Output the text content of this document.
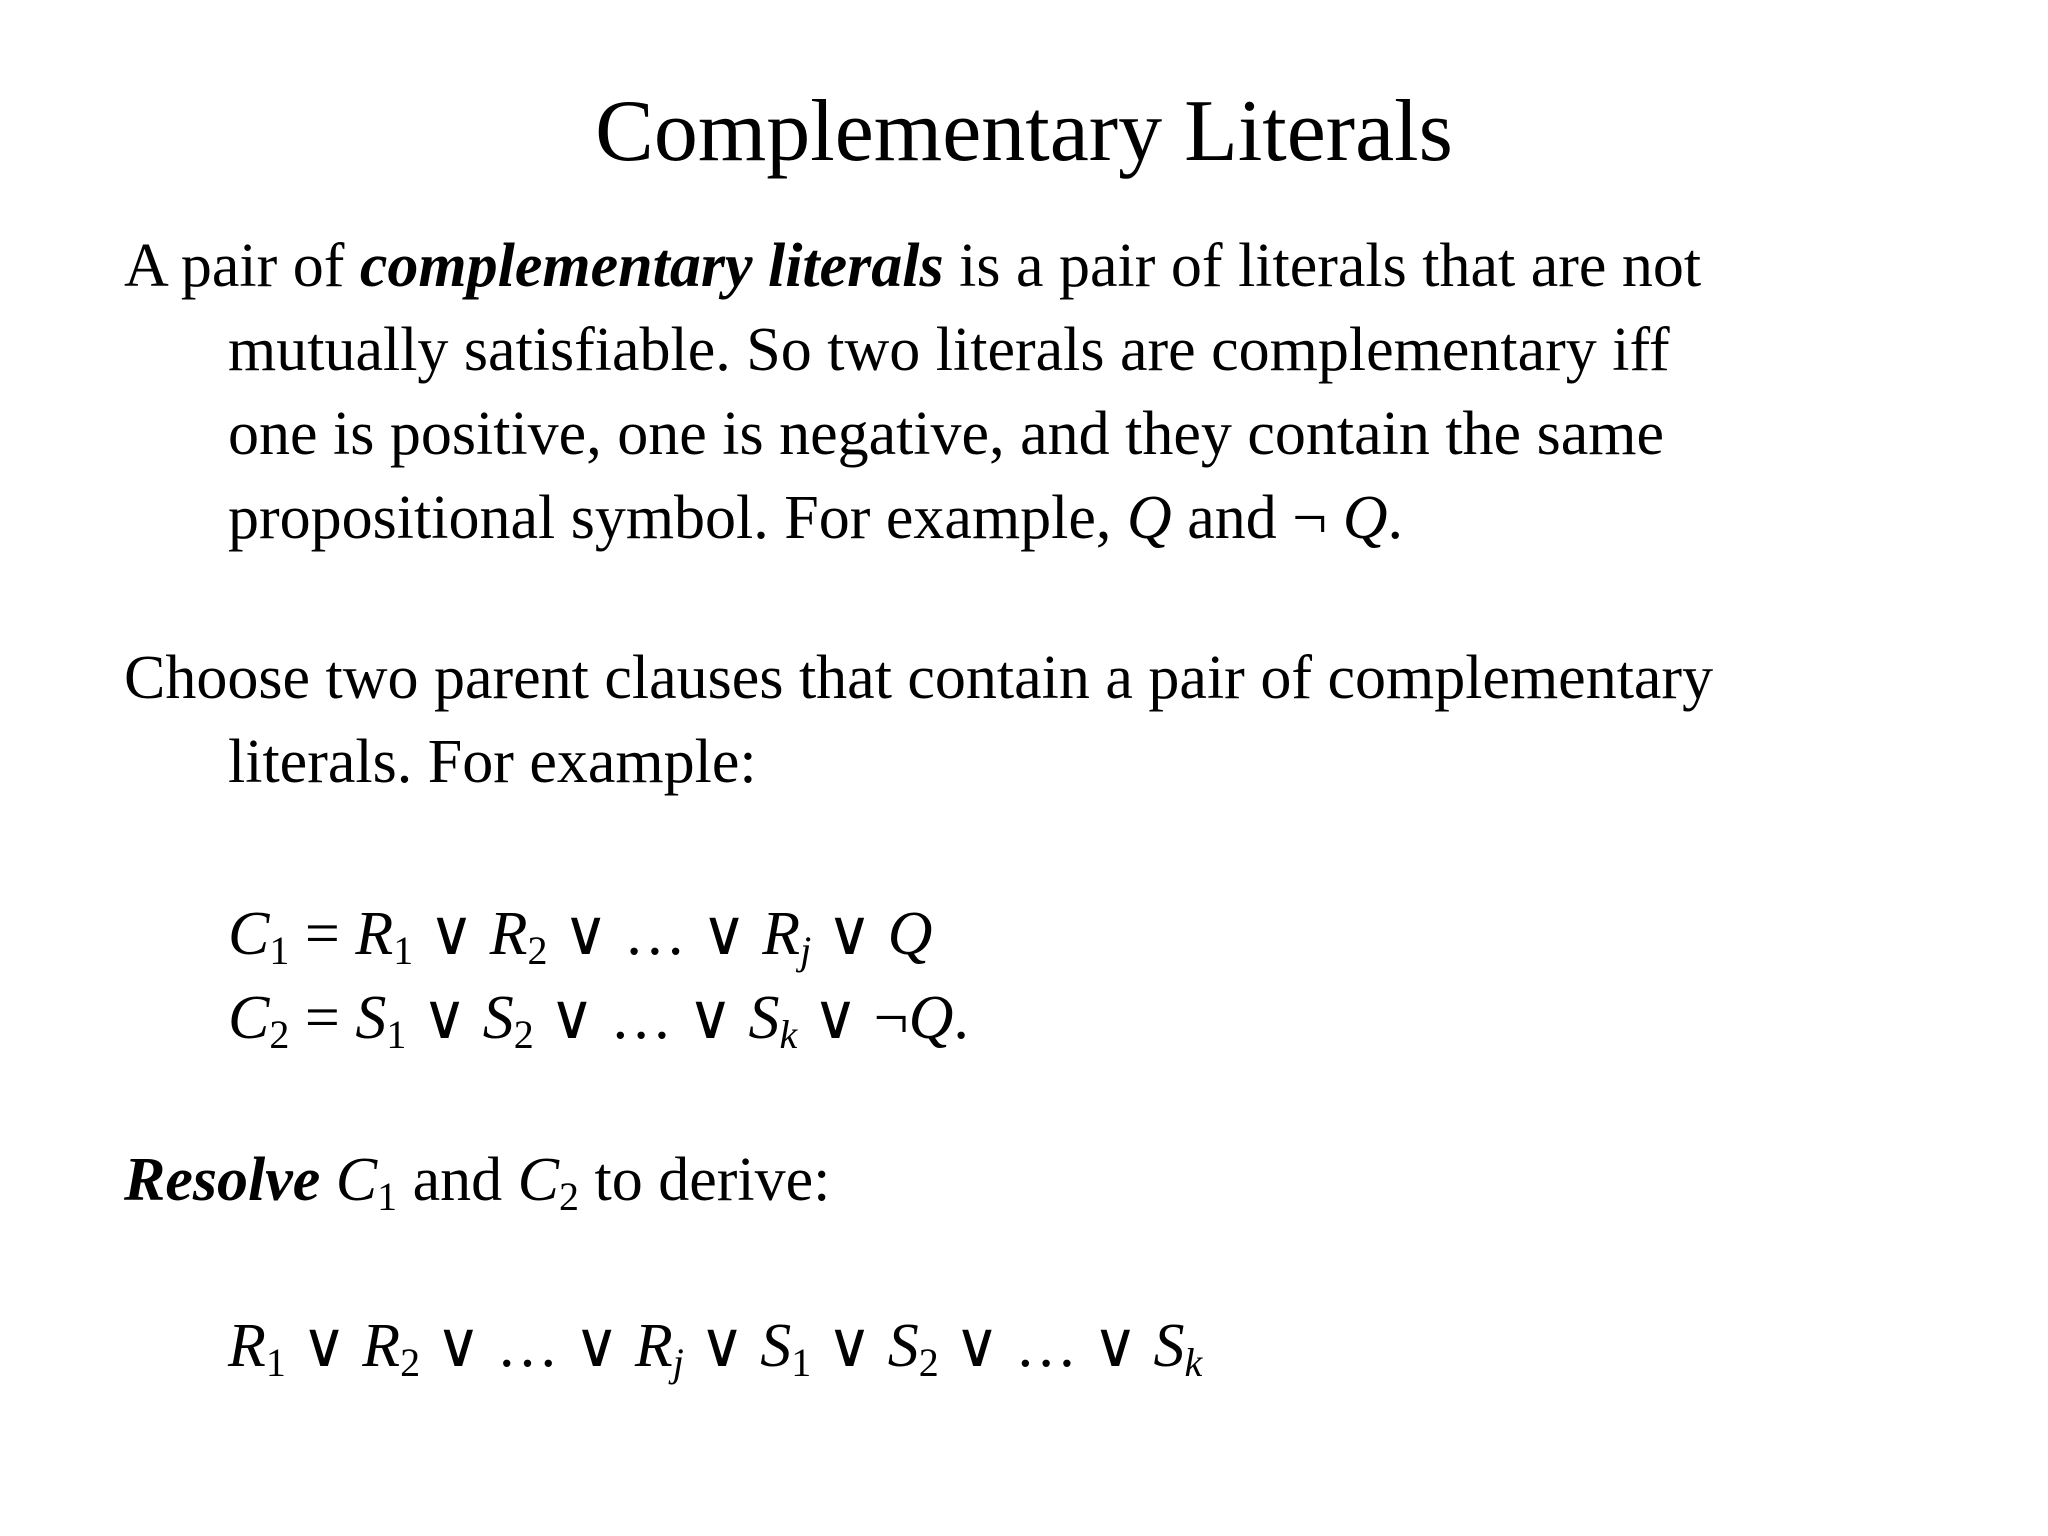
Complementary Literals
A pair of complementary literals is a pair of literals that are not
mutually satisfiable. So two literals are complementary iff
one is positive, one is negative, and they contain the same
propositional symbol. For example, Q and ¬ Q.
Choose two parent clauses that contain a pair of complementary
literals. For example:
$C_1 = R_1$ ∨ $R_2$ ∨ … ∨ $R_j$ ∨ Q
$C_2 = S_1$ ∨ $S_2$ ∨ … ∨ $S_k$ ∨ ¬Q.
Resolve $C_1$ and $C_2$ to derive:
$R_1$ ∨ $R_2$ ∨ … ∨ $R_j$ ∨ $S_1$ ∨ $S_2$ ∨ … ∨ $S_k$
